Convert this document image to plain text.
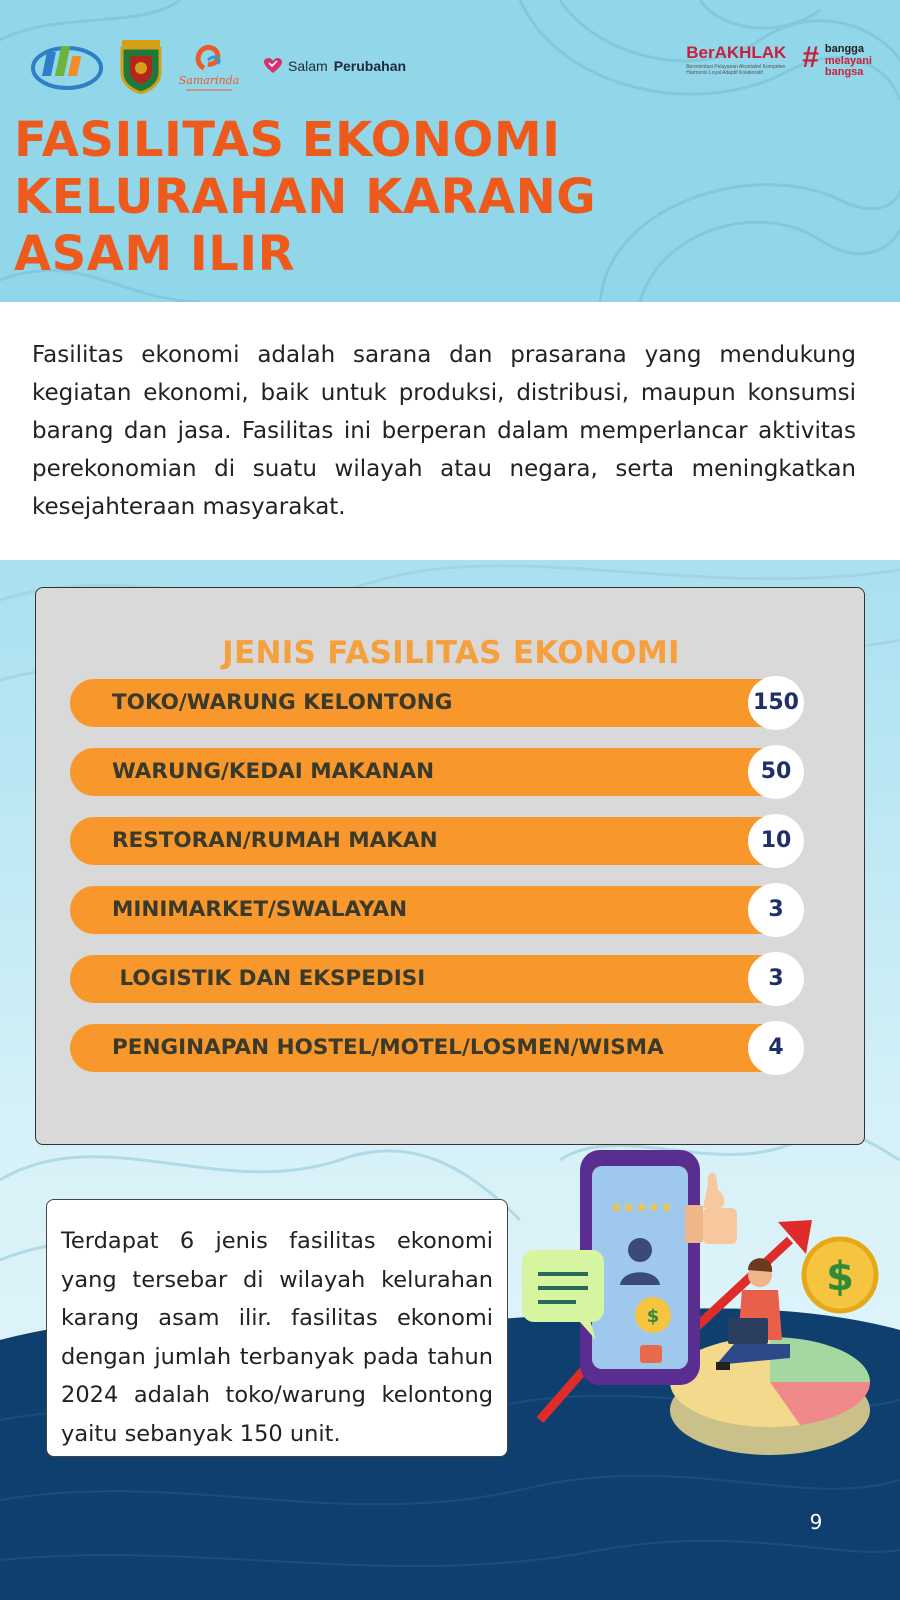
Samarinda
Salam Perubahan
BerAKHLAK
Berorientasi Pelayanan Akuntabel Kompeten Harmonis Loyal Adaptif Kolaboratif	# bangga
melayani
bangsa
FASILITAS EKONOMI
KELURAHAN KARANG
ASAM ILIR

Fasilitas ekonomi adalah sarana dan prasarana yang mendukung kegiatan ekonomi, baik untuk produksi, distribusi, maupun konsumsi barang dan jasa. Fasilitas ini berperan dalam memperlancar aktivitas perekonomian di suatu wilayah atau negara, serta meningkatkan kesejahteraan masyarakat.

JENIS FASILITAS EKONOMI
TOKO/WARUNG KELONTONG	150
WARUNG/KEDAI MAKANAN	50
RESTORAN/RUMAH MAKAN	10
MINIMARKET/SWALAYAN	3
LOGISTIK DAN EKSPEDISI	3
PENGINAPAN HOSTEL/MOTEL/LOSMEN/WISMA	4

Terdapat 6 jenis fasilitas ekonomi yang tersebar di wilayah kelurahan karang asam ilir. fasilitas ekonomi dengan jumlah terbanyak pada tahun 2024 adalah toko/warung kelontong yaitu sebanyak 150 unit.

★★★★★
$
$
9
